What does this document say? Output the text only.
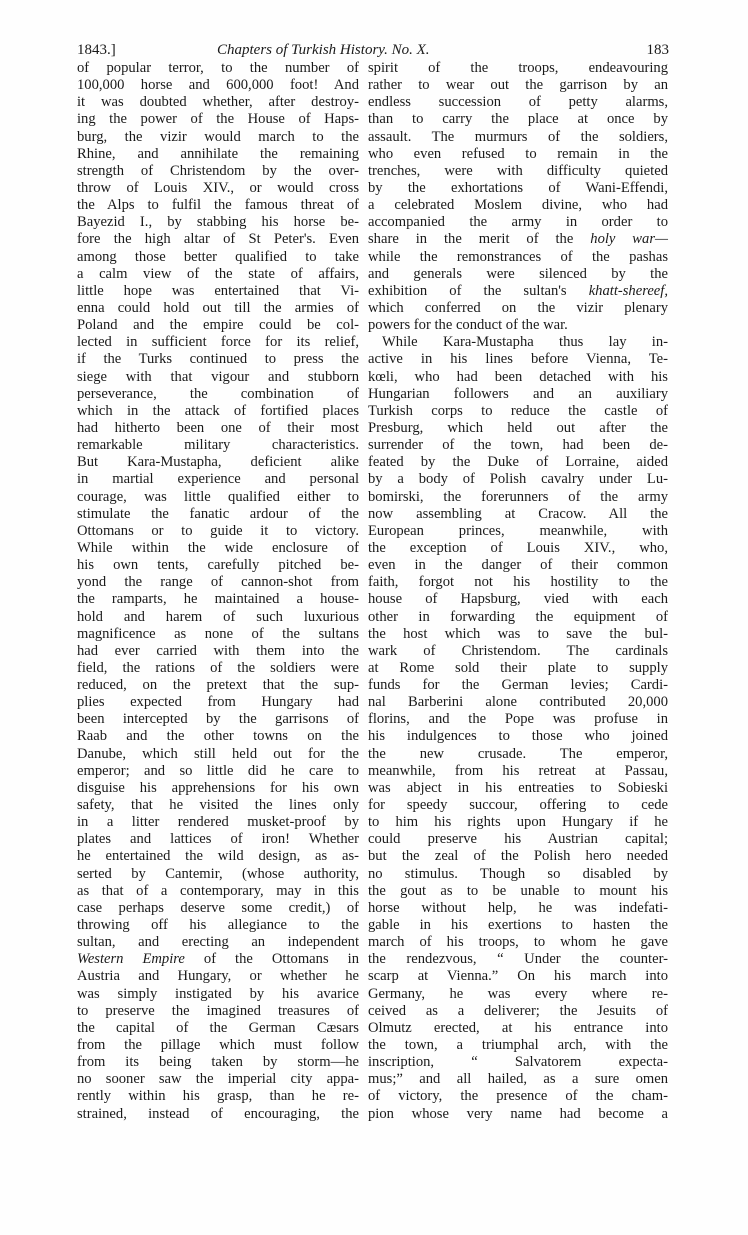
1843.]	Chapters of Turkish History. No. X.	183
of popular terror, to the number of
100,000 horse and 600,000 foot! And
it was doubted whether, after destroy-
ing the power of the House of Haps-
burg, the vizir would march to the
Rhine, and annihilate the remaining
strength of Christendom by the over-
throw of Louis XIV., or would cross
the Alps to fulfil the famous threat of
Bayezid I., by stabbing his horse be-
fore the high altar of St Peter's. Even
among those better qualified to take
a calm view of the state of affairs,
little hope was entertained that Vi-
enna could hold out till the armies of
Poland and the empire could be col-
lected in sufficient force for its relief,
if the Turks continued to press the
siege with that vigour and stubborn
perseverance, the combination of
which in the attack of fortified places
had hitherto been one of their most
remarkable military characteristics.
But Kara-Mustapha, deficient alike
in martial experience and personal
courage, was little qualified either to
stimulate the fanatic ardour of the
Ottomans or to guide it to victory.
While within the wide enclosure of
his own tents, carefully pitched be-
yond the range of cannon-shot from
the ramparts, he maintained a house-
hold and harem of such luxurious
magnificence as none of the sultans
had ever carried with them into the
field, the rations of the soldiers were
reduced, on the pretext that the sup-
plies expected from Hungary had
been intercepted by the garrisons of
Raab and the other towns on the
Danube, which still held out for the
emperor; and so little did he care to
disguise his apprehensions for his own
safety, that he visited the lines only
in a litter rendered musket-proof by
plates and lattices of iron! Whether
he entertained the wild design, as as-
serted by Cantemir, (whose authority,
as that of a contemporary, may in this
case perhaps deserve some credit,) of
throwing off his allegiance to the
sultan, and erecting an independent
Western Empire of the Ottomans in
Austria and Hungary, or whether he
was simply instigated by his avarice
to preserve the imagined treasures of
the capital of the German Cæsars
from the pillage which must follow
from its being taken by storm—he
no sooner saw the imperial city appa-
rently within his grasp, than he re-
strained, instead of encouraging, the
spirit of the troops, endeavouring
rather to wear out the garrison by an
endless succession of petty alarms,
than to carry the place at once by
assault. The murmurs of the soldiers,
who even refused to remain in the
trenches, were with difficulty quieted
by the exhortations of Wani-Effendi,
a celebrated Moslem divine, who had
accompanied the army in order to
share in the merit of the holy war—
while the remonstrances of the pashas
and generals were silenced by the
exhibition of the sultan's khatt-shereef,
which conferred on the vizir plenary
powers for the conduct of the war.
While Kara-Mustapha thus lay in-
active in his lines before Vienna, Te-
kœli, who had been detached with his
Hungarian followers and an auxiliary
Turkish corps to reduce the castle of
Presburg, which held out after the
surrender of the town, had been de-
feated by the Duke of Lorraine, aided
by a body of Polish cavalry under Lu-
bomirski, the forerunners of the army
now assembling at Cracow. All the
European princes, meanwhile, with
the exception of Louis XIV., who,
even in the danger of their common
faith, forgot not his hostility to the
house of Hapsburg, vied with each
other in forwarding the equipment of
the host which was to save the bul-
wark of Christendom. The cardinals
at Rome sold their plate to supply
funds for the German levies; Cardi-
nal Barberini alone contributed 20,000
florins, and the Pope was profuse in
his indulgences to those who joined
the new crusade. The emperor,
meanwhile, from his retreat at Passau,
was abject in his entreaties to Sobieski
for speedy succour, offering to cede
to him his rights upon Hungary if he
could preserve his Austrian capital;
but the zeal of the Polish hero needed
no stimulus. Though so disabled by
the gout as to be unable to mount his
horse without help, he was indefati-
gable in his exertions to hasten the
march of his troops, to whom he gave
the rendezvous, “ Under the counter-
scarp at Vienna.” On his march into
Germany, he was every where re-
ceived as a deliverer; the Jesuits of
Olmutz erected, at his entrance into
the town, a triumphal arch, with the
inscription, “ Salvatorem expecta-
mus;” and all hailed, as a sure omen
of victory, the presence of the cham-
pion whose very name had become a
